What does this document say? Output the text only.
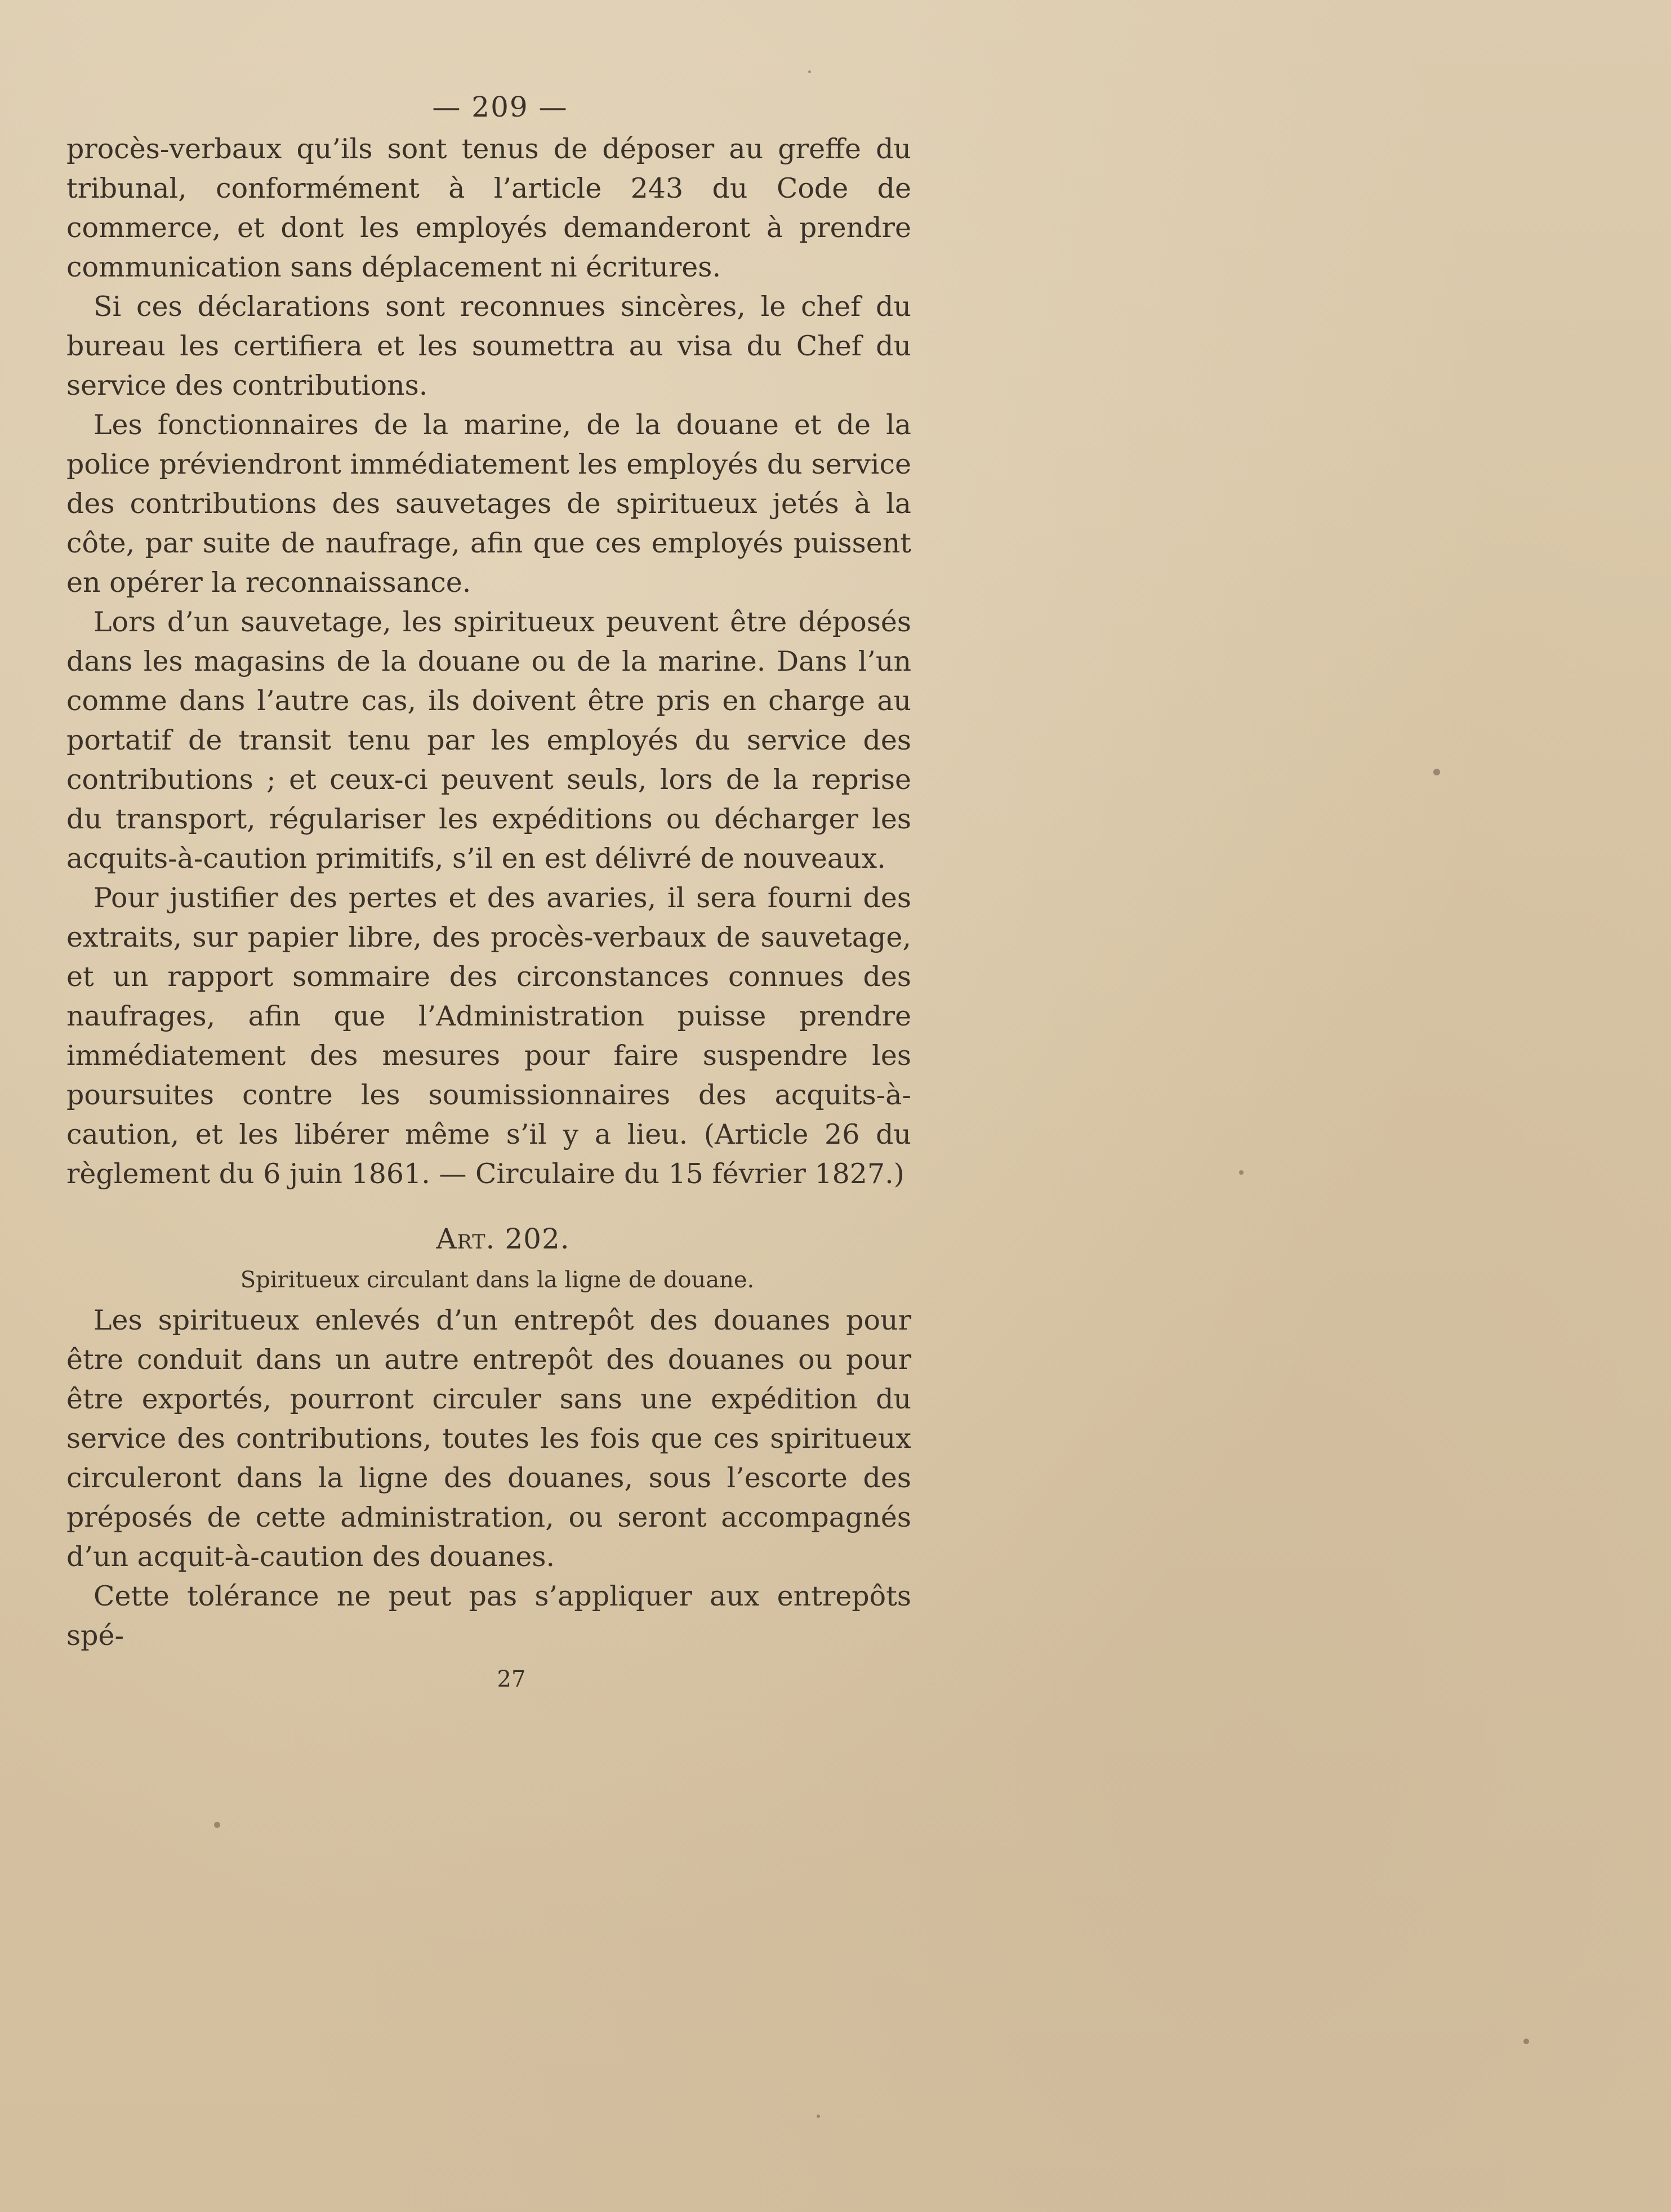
— 209 —

procès-verbaux qu’ils sont tenus de déposer au greffe du tribunal, conformément à l’article 243 du Code de commerce, et dont les employés demanderont à prendre communication sans déplacement ni écritures.

Si ces déclarations sont reconnues sincères, le chef du bureau les certifiera et les soumettra au visa du Chef du service des contributions.

Les fonctionnaires de la marine, de la douane et de la police préviendront immédiatement les employés du service des contributions des sauvetages de spiritueux jetés à la côte, par suite de naufrage, afin que ces employés puissent en opérer la reconnaissance.

Lors d’un sauvetage, les spiritueux peuvent être déposés dans les magasins de la douane ou de la marine. Dans l’un comme dans l’autre cas, ils doivent être pris en charge au portatif de transit tenu par les employés du service des contributions ; et ceux-ci peuvent seuls, lors de la reprise du transport, régulariser les expéditions ou décharger les acquits-à-caution primitifs, s’il en est délivré de nouveaux.

Pour justifier des pertes et des avaries, il sera fourni des extraits, sur papier libre, des procès-verbaux de sauvetage, et un rapport sommaire des circonstances connues des naufrages, afin que l’Administration puisse prendre immédiatement des mesures pour faire suspendre les poursuites contre les soumissionnaires des acquits-à-caution, et les libérer même s’il y a lieu. (Article 26 du règlement du 6 juin 1861. — Circulaire du 15 février 1827.)

Art. 202.
Spiritueux circulant dans la ligne de douane.

Les spiritueux enlevés d’un entrepôt des douanes pour être conduit dans un autre entrepôt des douanes ou pour être exportés, pourront circuler sans une expédition du service des contributions, toutes les fois que ces spiritueux circuleront dans la ligne des douanes, sous l’escorte des préposés de cette administration, ou seront accompagnés d’un acquit-à-caution des douanes.

Cette tolérance ne peut pas s’appliquer aux entrepôts spé-

27
